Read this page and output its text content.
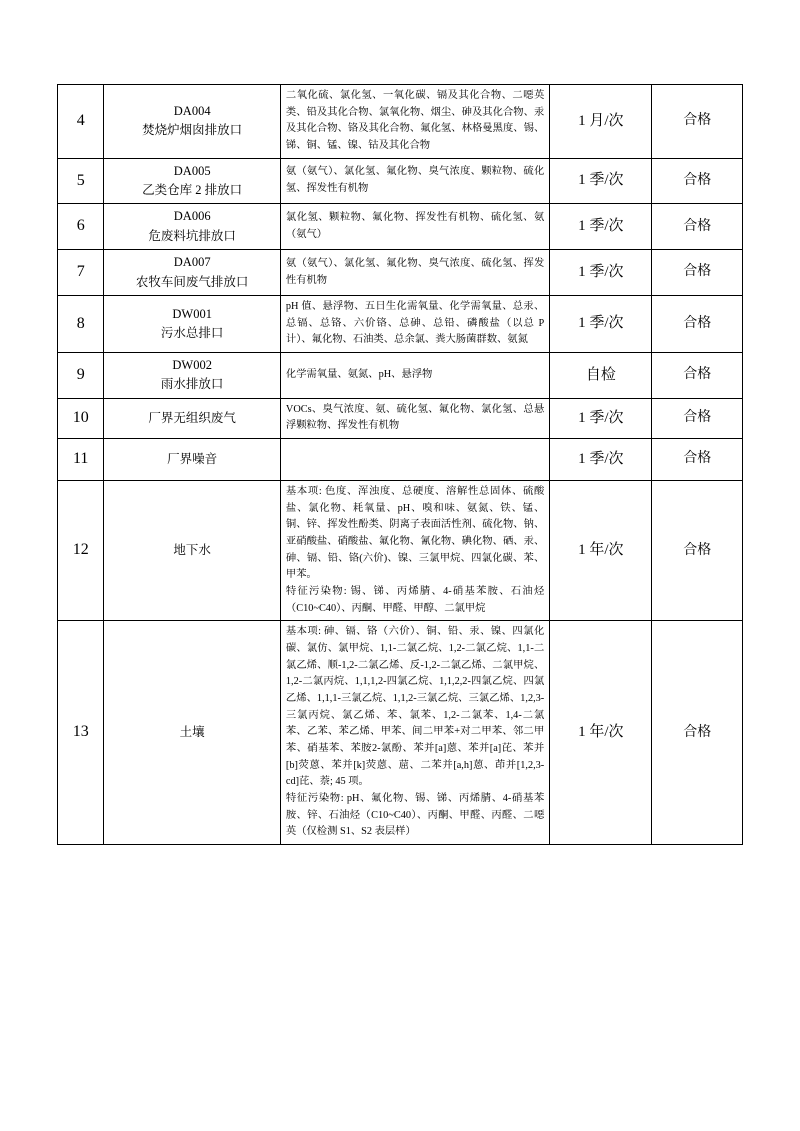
4	DA004
焚烧炉烟囱排放口	二氧化硫、氯化氢、一氧化碳、镉及其化合物、二噁英类、铅及其化合物、氯氧化物、烟尘、砷及其化合物、汞及其化合物、铬及其化合物、氟化氢、林格曼黑度、锡、锑、铜、锰、镍、钴及其化合物	1 月/次	合格
5	DA005
乙类仓库 2 排放口	氨（氨气）、氯化氢、氟化物、臭气浓度、颗粒物、硫化氢、挥发性有机物	1 季/次	合格
6	DA006
危废料坑排放口	氯化氢、颗粒物、氟化物、挥发性有机物、硫化氢、氨（氨气）	1 季/次	合格
7	DA007
农牧车间废气排放口	氨（氨气）、氯化氢、氟化物、臭气浓度、硫化氢、挥发性有机物	1 季/次	合格
8	DW001
污水总排口	pH 值、悬浮物、五日生化需氧量、化学需氧量、总汞、总镉、总铬、六价铬、总砷、总铅、磷酸盐（以总 P 计）、氟化物、石油类、总余氯、粪大肠菌群数、氨氮	1 季/次	合格
9	DW002
雨水排放口	化学需氧量、氨氮、pH、悬浮物	自检	合格
10	厂界无组织废气	VOCs、臭气浓度、氨、硫化氢、氟化物、氯化氢、总悬浮颗粒物、挥发性有机物	1 季/次	合格
11	厂界噪音		1 季/次	合格
12	地下水	基本项: 色度、浑浊度、总硬度、溶解性总固体、硫酸盐、氯化物、耗氧量、pH、嗅和味、氨氮、铁、锰、铜、锌、挥发性酚类、阴离子表面活性剂、硫化物、钠、亚硝酸盐、硝酸盐、氟化物、氰化物、碘化物、硒、汞、砷、镉、铅、铬(六价)、镍、三氯甲烷、四氯化碳、苯、甲苯。

特征污染物: 锡、锑、丙烯腈、4-硝基苯胺、石油烃（C10~C40）、丙酮、甲醛、甲醇、二氯甲烷	1 年/次	合格
13	土壤	基本项: 砷、镉、铬（六价）、铜、铅、汞、镍、四氯化碳、氯仿、氯甲烷、1,1-二氯乙烷、1,2-二氯乙烷、1,1-二氯乙烯、顺-1,2-二氯乙烯、反-1,2-二氯乙烯、二氯甲烷、1,2-二氯丙烷、1,1,1,2-四氯乙烷、1,1,2,2-四氯乙烷、四氯乙烯、1,1,1-三氯乙烷、1,1,2-三氯乙烷、三氯乙烯、1,2,3-三氯丙烷、氯乙烯、苯、氯苯、1,2-二氯苯、1,4-二氯苯、乙苯、苯乙烯、甲苯、间二甲苯+对二甲苯、邻二甲苯、硝基苯、苯胺2-氯酚、苯并[a]蒽、苯并[a]芘、苯并[b]荧蒽、苯并[k]荧蒽、䓛、二苯并[a,h]蒽、茚并[1,2,3-cd]芘、萘; 45 项。

特征污染物: pH、氟化物、锡、锑、丙烯腈、4-硝基苯胺、锌、石油烃（C10~C40）、丙酮、甲醛、丙醛、二噁英（仅检测 S1、S2 表层样）	1 年/次	合格
